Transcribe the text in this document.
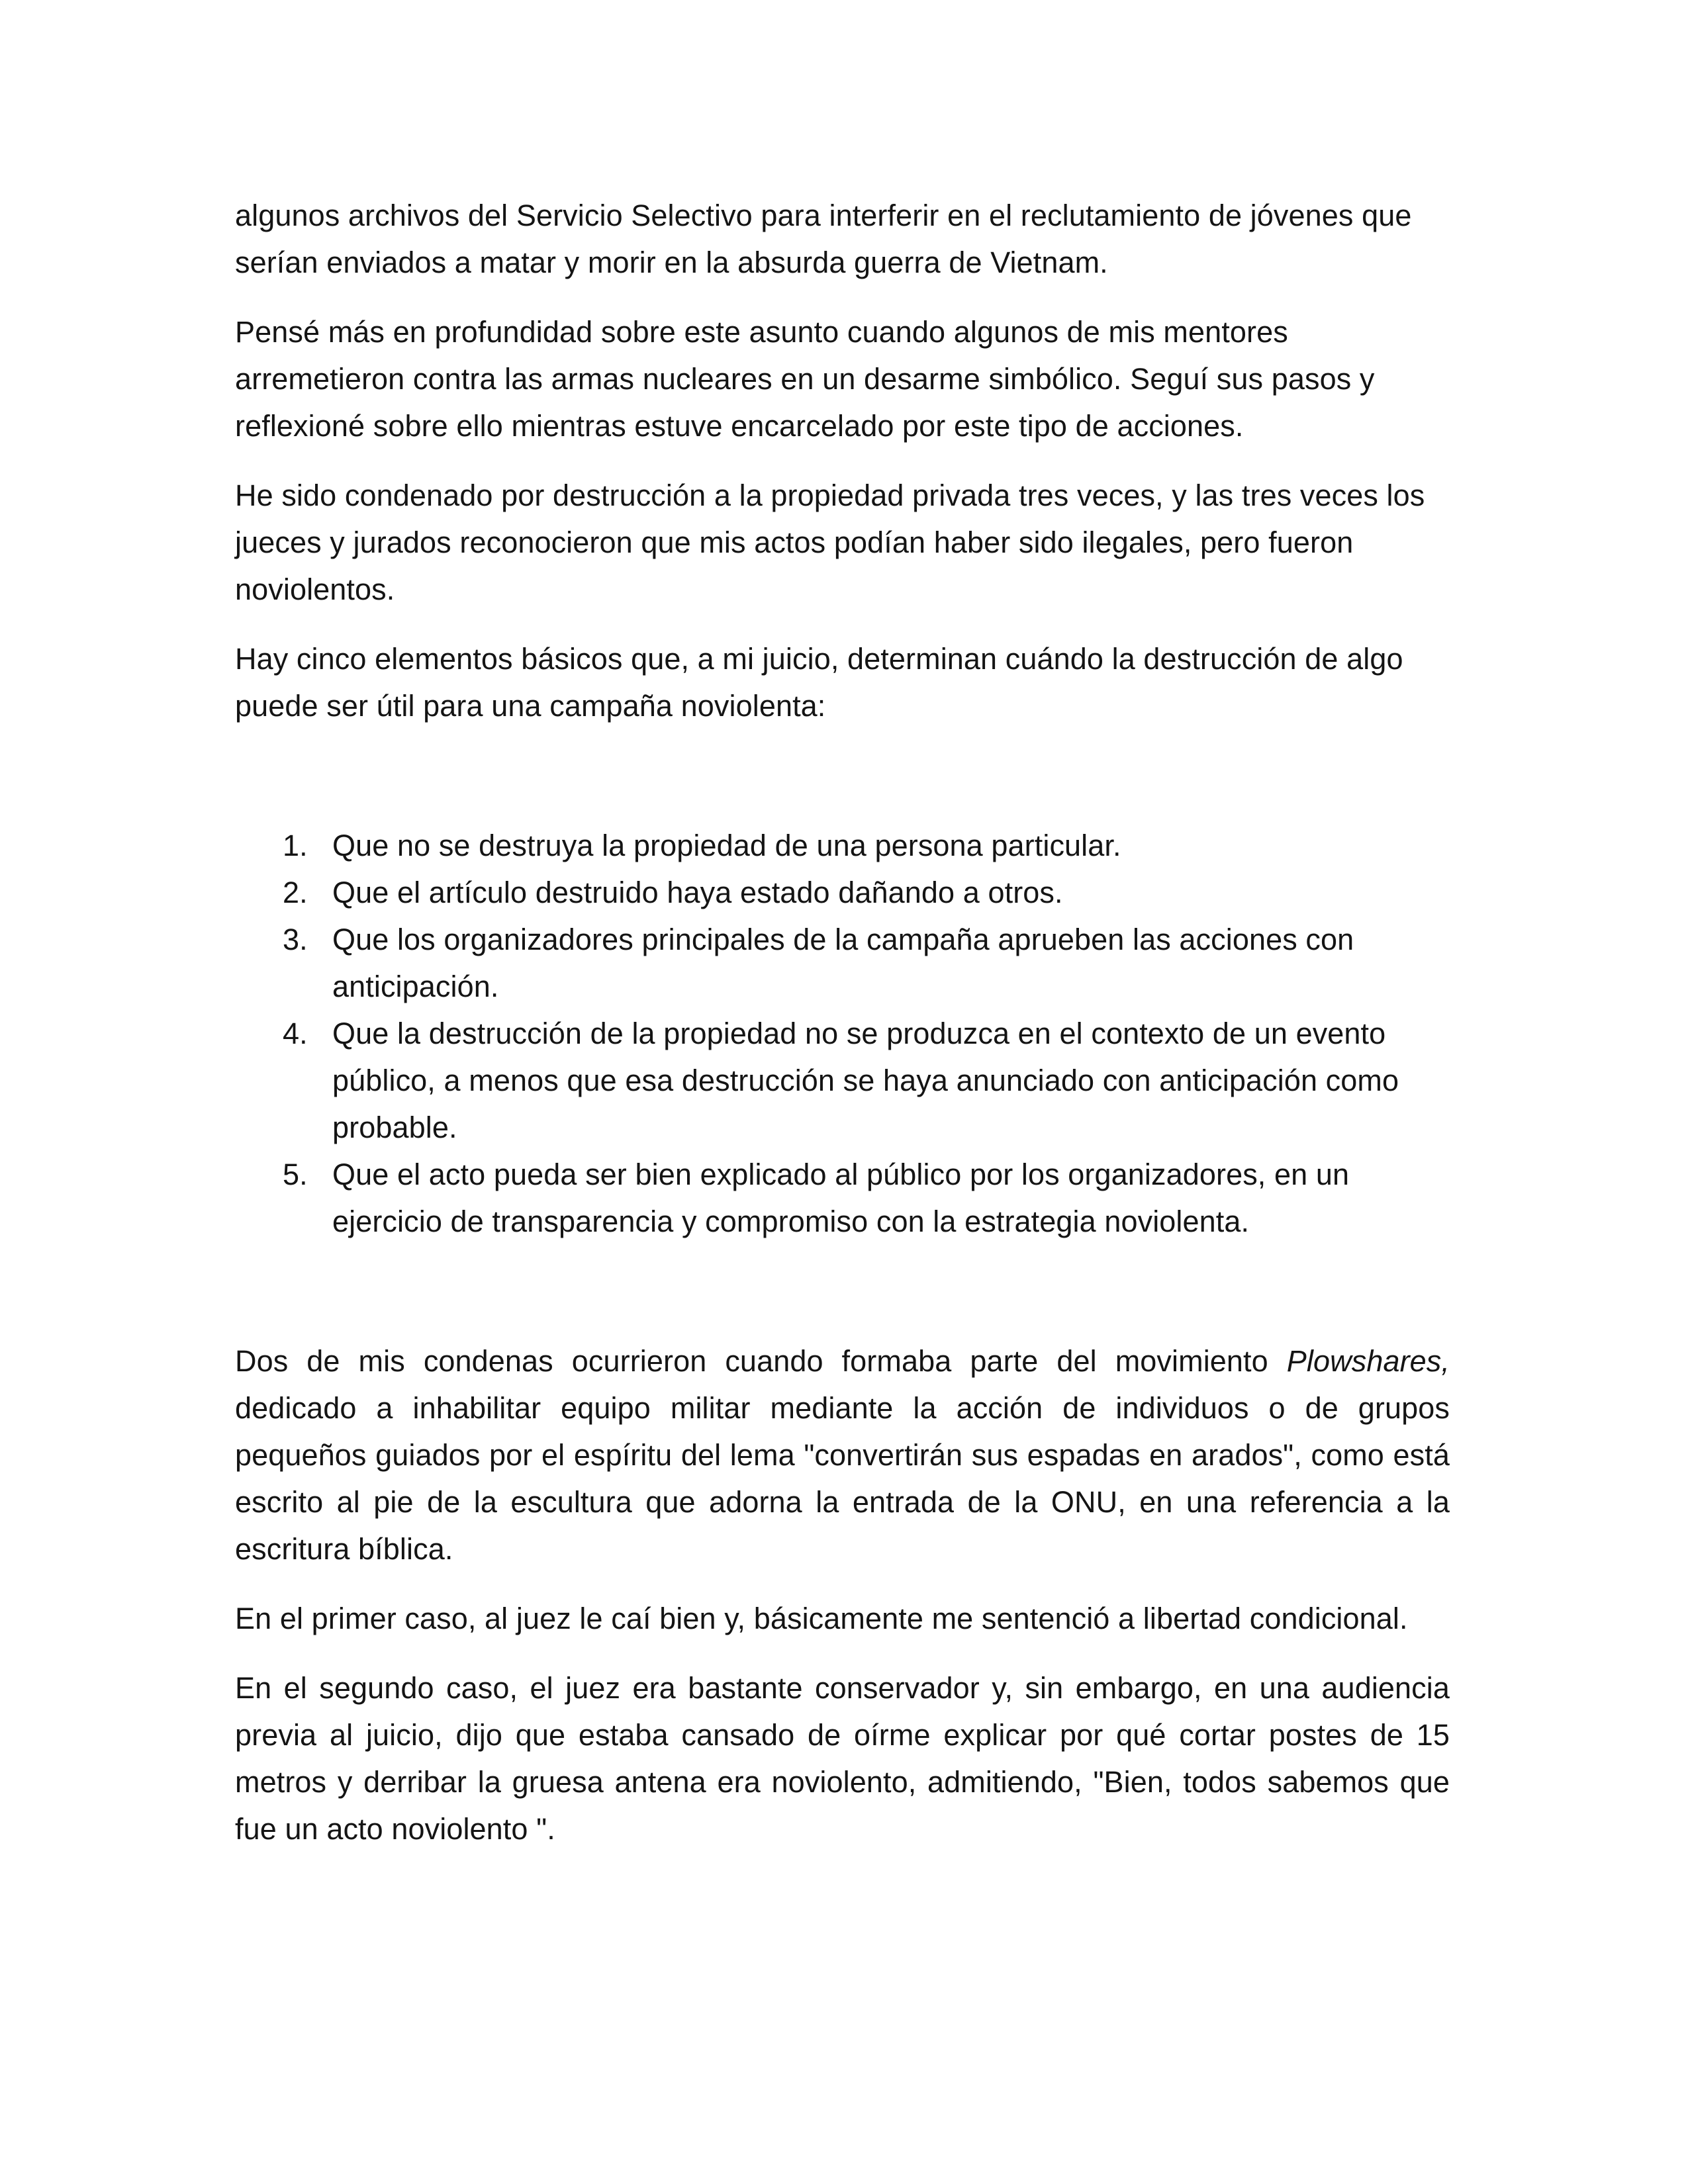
algunos archivos del Servicio Selectivo para interferir en el reclutamiento de jóvenes que serían enviados a matar y morir en la absurda guerra de Vietnam.

Pensé más en profundidad sobre este asunto cuando algunos de mis mentores arremetieron contra las armas nucleares en un desarme simbólico. Seguí sus pasos y reflexioné sobre ello mientras estuve encarcelado por este tipo de acciones.

He sido condenado por destrucción a la propiedad privada tres veces, y las tres veces los jueces y jurados reconocieron que mis actos podían haber sido ilegales, pero fueron noviolentos.

Hay cinco elementos básicos que, a mi juicio, determinan cuándo la destrucción de algo puede ser útil para una campaña noviolenta:

1. Que no se destruya la propiedad de una persona particular.
2. Que el artículo destruido haya estado dañando a otros.
3. Que los organizadores principales de la campaña aprueben las acciones con anticipación.
4. Que la destrucción de la propiedad no se produzca en el contexto de un evento público, a menos que esa destrucción se haya anunciado con anticipación como probable.
5. Que el acto pueda ser bien explicado al público por los organizadores, en un ejercicio de transparencia y compromiso con la estrategia noviolenta.

Dos de mis condenas ocurrieron cuando formaba parte del movimiento Plowshares, dedicado a inhabilitar equipo militar mediante la acción de individuos o de grupos pequeños guiados por el espíritu del lema "convertirán sus espadas en arados", como está escrito al pie de la escultura que adorna la entrada de la ONU, en una referencia a la escritura bíblica.

En el primer caso, al juez le caí bien y, básicamente me sentenció a libertad condicional.

En el segundo caso, el juez era bastante conservador y, sin embargo, en una audiencia previa al juicio, dijo que estaba cansado de oírme explicar por qué cortar postes de 15 metros y derribar la gruesa antena era noviolento, admitiendo, "Bien, todos sabemos que fue un acto noviolento ".
